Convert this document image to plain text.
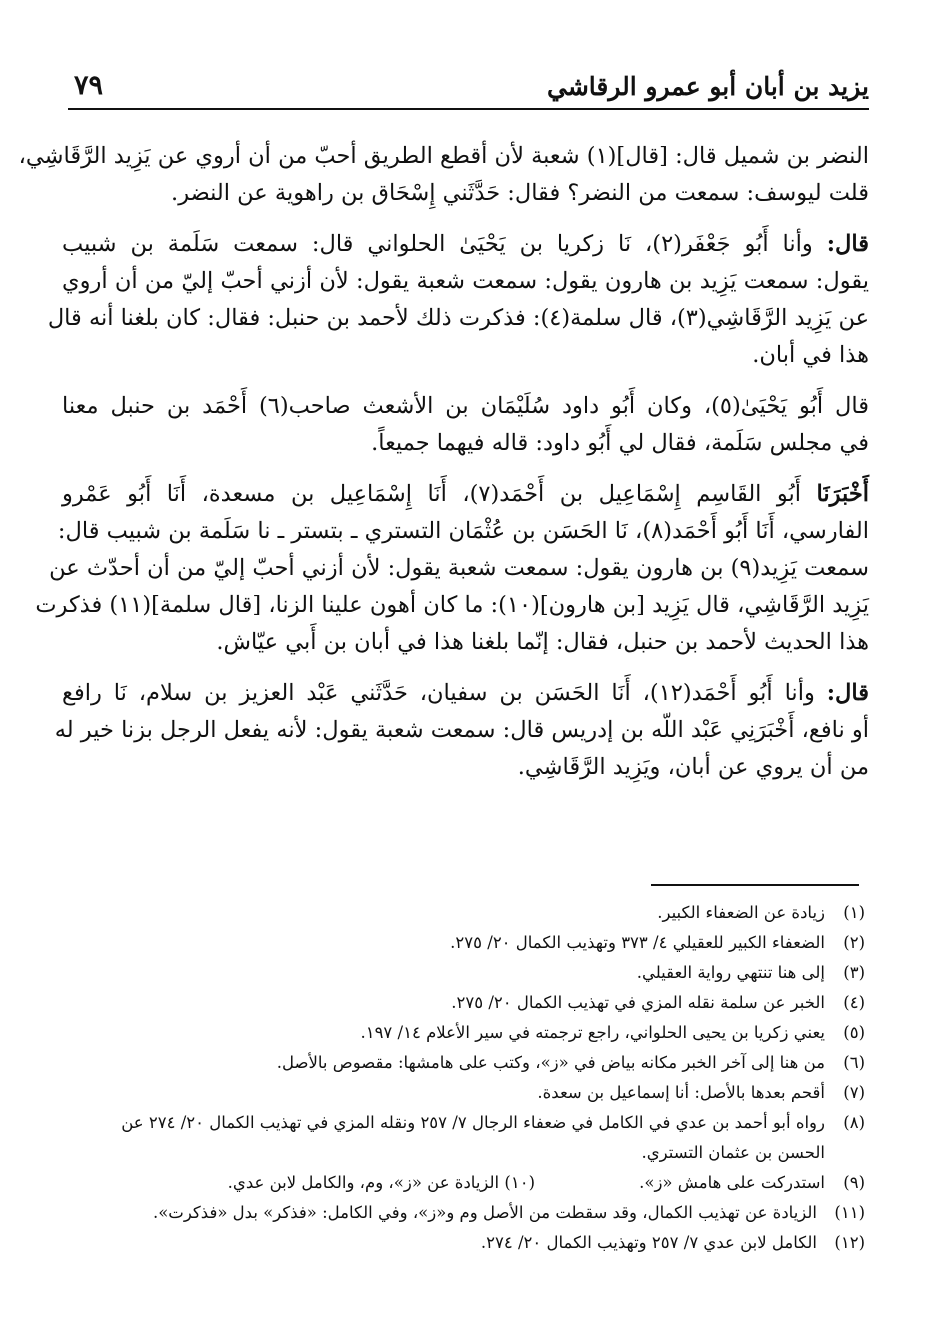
يزيد بن أبان أبو عمرو الرقاشي
٧٩
النضر بن شميل قال: [قال](١) شعبة لأن أقطع الطريق أحبّ من أن أروي عن يَزِيد الرَّقَاشِي،
قلت ليوسف: سمعت من النضر؟ فقال: حَدَّثَني إِسْحَاق بن راهوية عن النضر.
قال: وأنا أَبُو جَعْفَر(٢)، نَا زكريا بن يَحْيَىٰ الحلواني قال: سمعت سَلَمة بن شبيب
يقول: سمعت يَزِيد بن هارون يقول: سمعت شعبة يقول: لأن أزني أحبّ إليّ من أن أروي
عن يَزِيد الرَّقَاشِي(٣)، قال سلمة(٤): فذكرت ذلك لأحمد بن حنبل: فقال: كان بلغنا أنه قال
هذا في أبان.
قال أَبُو يَحْيَىٰ(٥)، وكان أَبُو داود سُلَيْمَان بن الأشعث صاحب(٦) أَحْمَد بن حنبل معنا
في مجلس سَلَمة، فقال لي أَبُو داود: قاله فيهما جميعاً.
أَخْبَرَنَا أَبُو القَاسِم إِسْمَاعِيل بن أَحْمَد(٧)، أَنَا إِسْمَاعِيل بن مسعدة، أَنَا أَبُو عَمْرو
الفارسي، أَنَا أَبُو أَحْمَد(٨)، نَا الحَسَن بن عُثْمَان التستري ـ بتستر ـ نا سَلَمة بن شبيب قال:
سمعت يَزِيد(٩) بن هارون يقول: سمعت شعبة يقول: لأن أزني أحبّ إليّ من أن أحدّث عن
يَزِيد الرَّقَاشِي، قال يَزِيد [بن هارون](١٠): ما كان أهون علينا الزنا، [قال سلمة](١١) فذكرت
هذا الحديث لأحمد بن حنبل، فقال: إنّما بلغنا هذا في أبان بن أَبي عيّاش.
قال: وأنا أَبُو أَحْمَد(١٢)، أَنَا الحَسَن بن سفيان، حَدَّثَني عَبْد العزيز بن سلام، نَا رافع
أو نافع، أَخْبَرَنِي عَبْد اللّه بن إدريس قال: سمعت شعبة يقول: لأنه يفعل الرجل بزنا خير له
من أن يروي عن أبان، ويَزِيد الرَّقَاشِي.
(١)
زيادة عن الضعفاء الكبير.
(٢)
الضعفاء الكبير للعقيلي ٤/ ٣٧٣ وتهذيب الكمال ٢٠/ ٢٧٥.
(٣)
إلى هنا تنتهي رواية العقيلي.
(٤)
الخبر عن سلمة نقله المزي في تهذيب الكمال ٢٠/ ٢٧٥.
(٥)
يعني زكريا بن يحيى الحلواني، راجع ترجمته في سير الأعلام ١٤/ ١٩٧.
(٦)
من هنا إلى آخر الخبر مكانه بياض في «ز»، وكتب على هامشها: مقصوص بالأصل.
(٧)
أقحم بعدها بالأصل: أنا إسماعيل بن سعدة.
(٨)
رواه أبو أحمد بن عدي في الكامل في ضعفاء الرجال ٧/ ٢٥٧ ونقله المزي في تهذيب الكمال ٢٠/ ٢٧٤ عن
الحسن بن عثمان التستري.
(٩)
استدركت على هامش «ز».
(١٠)

الزيادة عن «ز»، وم، والكامل لابن عدي.
(١١)
الزيادة عن تهذيب الكمال، وقد سقطت من الأصل وم و«ز»، وفي الكامل: «فذكر» بدل «فذكرت».
(١٢)
الكامل لابن عدي ٧/ ٢٥٧ وتهذيب الكمال ٢٠/ ٢٧٤.
